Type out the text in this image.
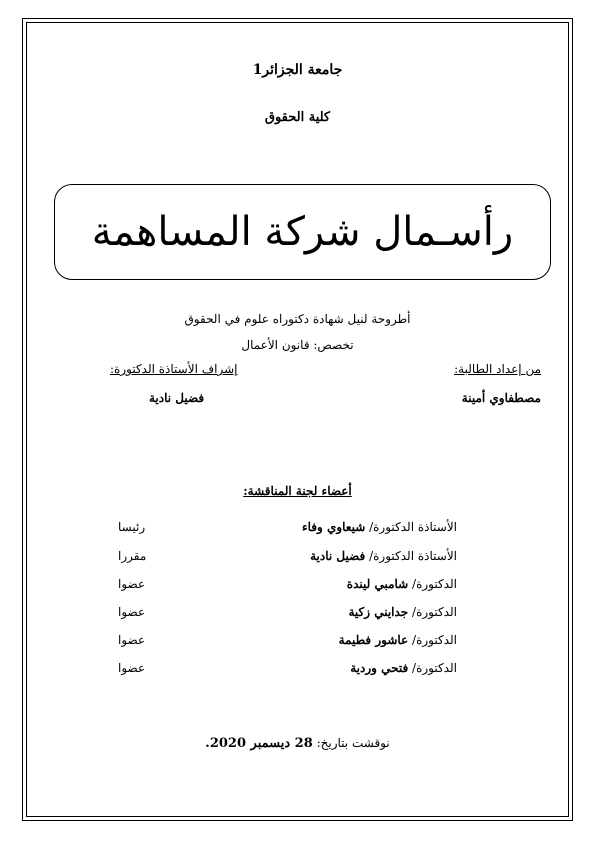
جامعة الجزائر1
كلية الحقوق
رأسـمال شركة المساهمة
أطروحة لنيل شهادة دكتوراه علوم في الحقوق
تخصص: قانون الأعمال
من إعداد الطالبة:
إشراف الأستاذة الدكتورة:
مصطفاوي أمينة
فضيل نادية
أعضاء لجنة المناقشة:
الأستاذة الدكتورة/ شيعاوي وفاء
رئيسا
الأستاذة الدكتورة/ فضيل نادية
مقررا
الدكتورة/ شامبي ليندة
عضوا
الدكتورة/ جدايني زكية
عضوا
الدكتورة/ عاشور فطيمة
عضوا
الدكتورة/ فتحي وردية
عضوا
نوقشت بتاريخ: 28 ديسمبر 2020.
